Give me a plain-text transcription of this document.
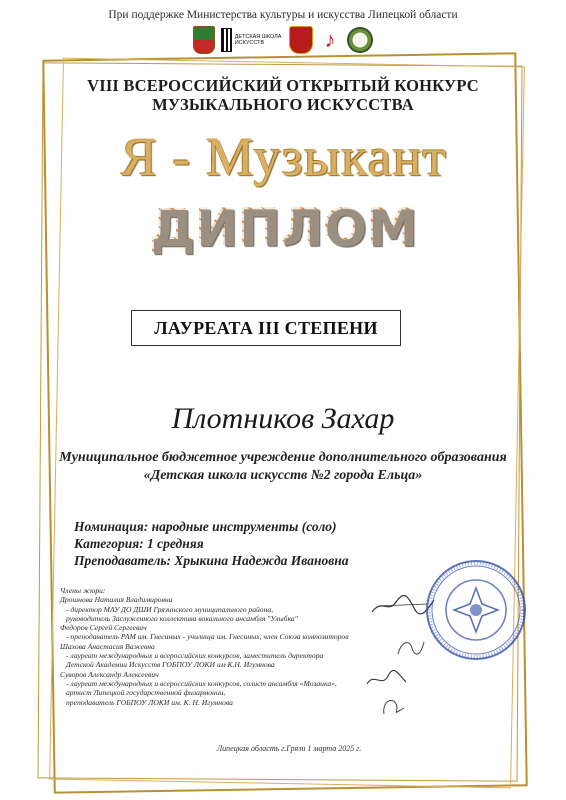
При поддержке Министерства культуры и искусства Липецкой области
ДЕТСКАЯ ШКОЛА ИСКУССТВ	♪
VIII ВСЕРОССИЙСКИЙ ОТКРЫТЫЙ КОНКУРС
МУЗЫКАЛЬНОГО ИСКУССТВА
Я - Музыкант
ДИПЛОМ
ЛАУРЕАТА III СТЕПЕНИ
Плотников Захар
Муниципальное бюджетное учреждение дополнительного образования
«Детская школа искусств №2 города Ельца»
Номинация: народные инструменты (соло)
Категория: 1 средняя
Преподаватель: Хрыкина Надежда Ивановна
Члены жюри:
Дрошнова Наталия Владимировна
- директор МАУ ДО ДШИ Грязинского муниципального района,
руководитель Заслуженного коллектива вокального ансамбля "Улыбка"
Федоров Сергей Сергеевич
- преподаватель РАМ им. Гнесиных - училища им. Гнесиных, член Союза композиторов
Шахова Анастасия Важевна
- лауреат международных и всероссийских конкурсов, заместитель директора
Детской Академии Искусств ГОБПОУ ЛОКИ им К.Н. Игумнова
Суворов Александр Алексеевич
- лауреат международных и всероссийских конкурсов, солист ансамбля «Мозаика»,
артист Липецкой государственной филармонии,
преподаватель ГОБПОУ ЛОКИ им. К. Н. Игумнова
Липецкая область г.Грязи 1 марта 2025 г.
